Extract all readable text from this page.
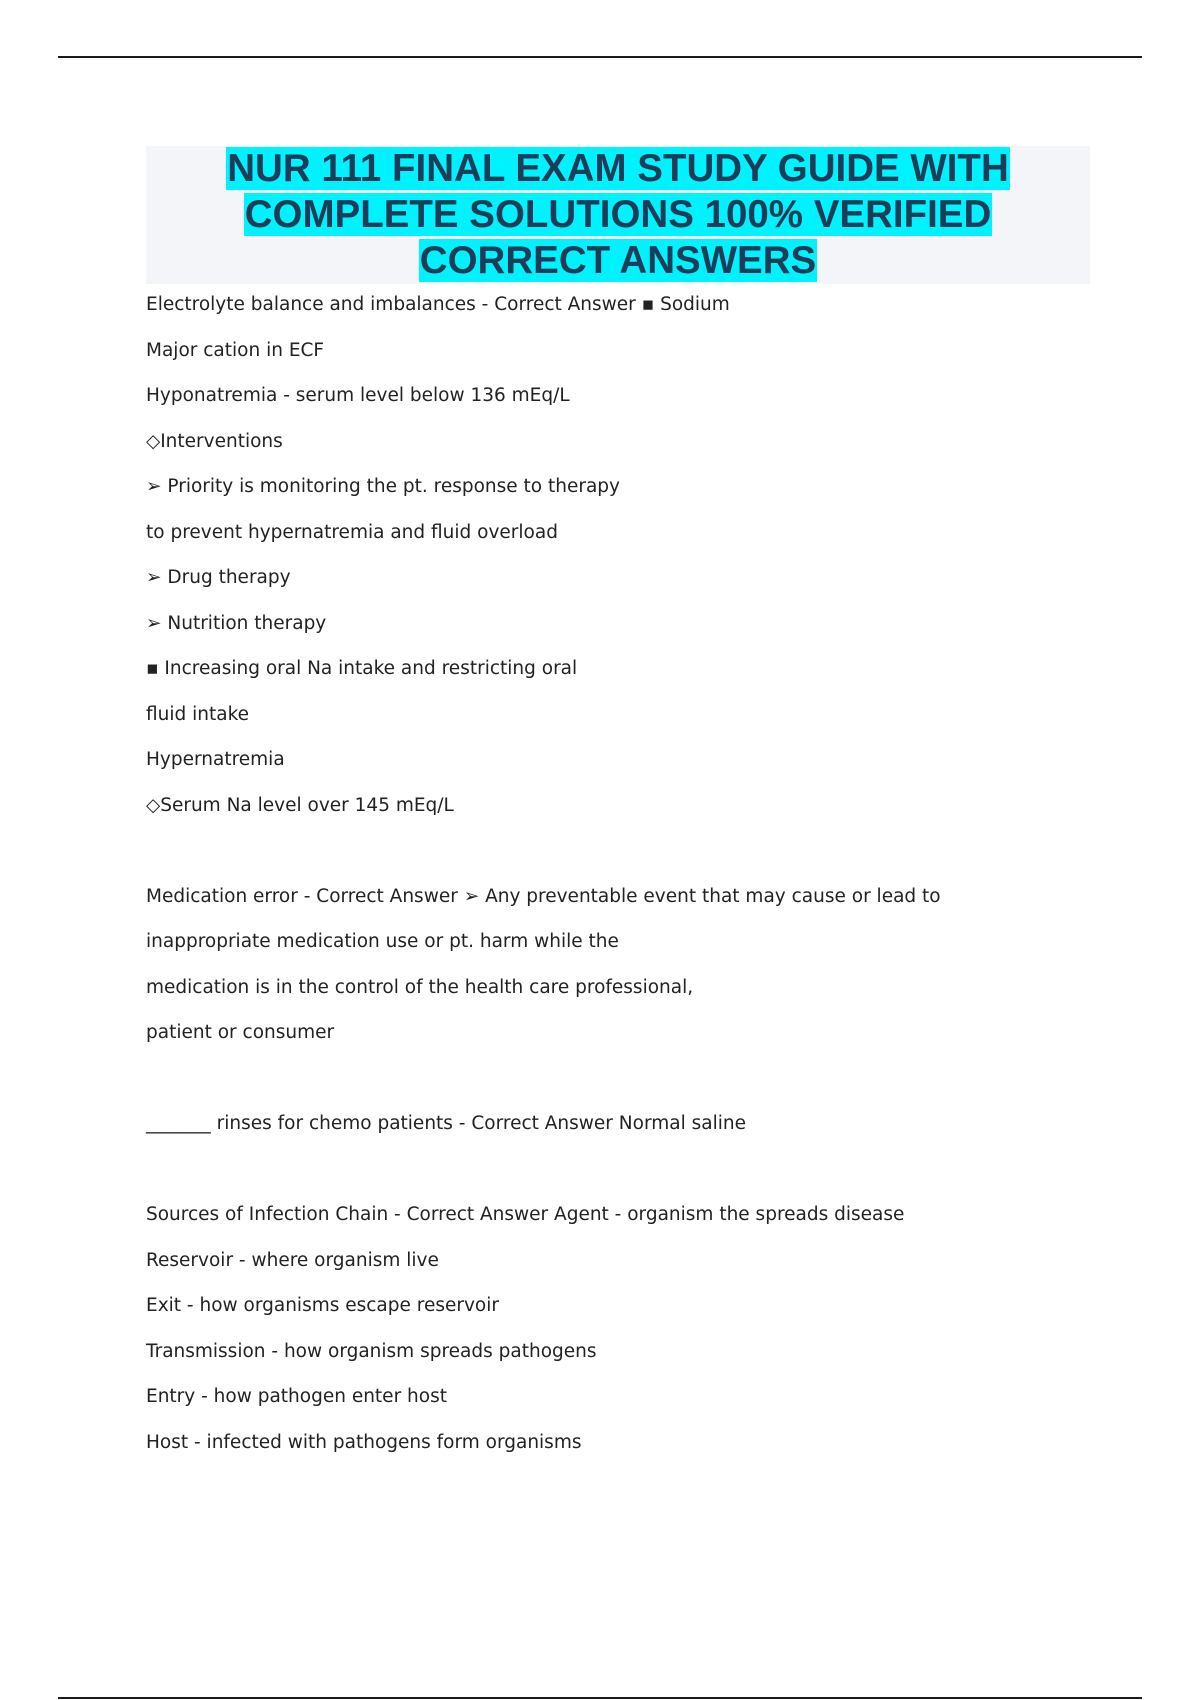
NUR 111 FINAL EXAM STUDY GUIDE WITH
COMPLETE SOLUTIONS 100% VERIFIED
CORRECT ANSWERS
Electrolyte balance and imbalances - Correct Answer ▪ Sodium
Major cation in ECF
Hyponatremia - serum level below 136 mEq/L
◇Interventions
➢ Priority is monitoring the pt. response to therapy
to prevent hypernatremia and fluid overload
➢ Drug therapy
➢ Nutrition therapy
▪ Increasing oral Na intake and restricting oral
fluid intake
Hypernatremia
◇Serum Na level over 145 mEq/L
Medication error - Correct Answer ➢ Any preventable event that may cause or lead to
inappropriate medication use or pt. harm while the
medication is in the control of the health care professional,
patient or consumer
_______ rinses for chemo patients - Correct Answer Normal saline
Sources of Infection Chain - Correct Answer Agent - organism the spreads disease
Reservoir - where organism live
Exit - how organisms escape reservoir
Transmission - how organism spreads pathogens
Entry - how pathogen enter host
Host - infected with pathogens form organisms
